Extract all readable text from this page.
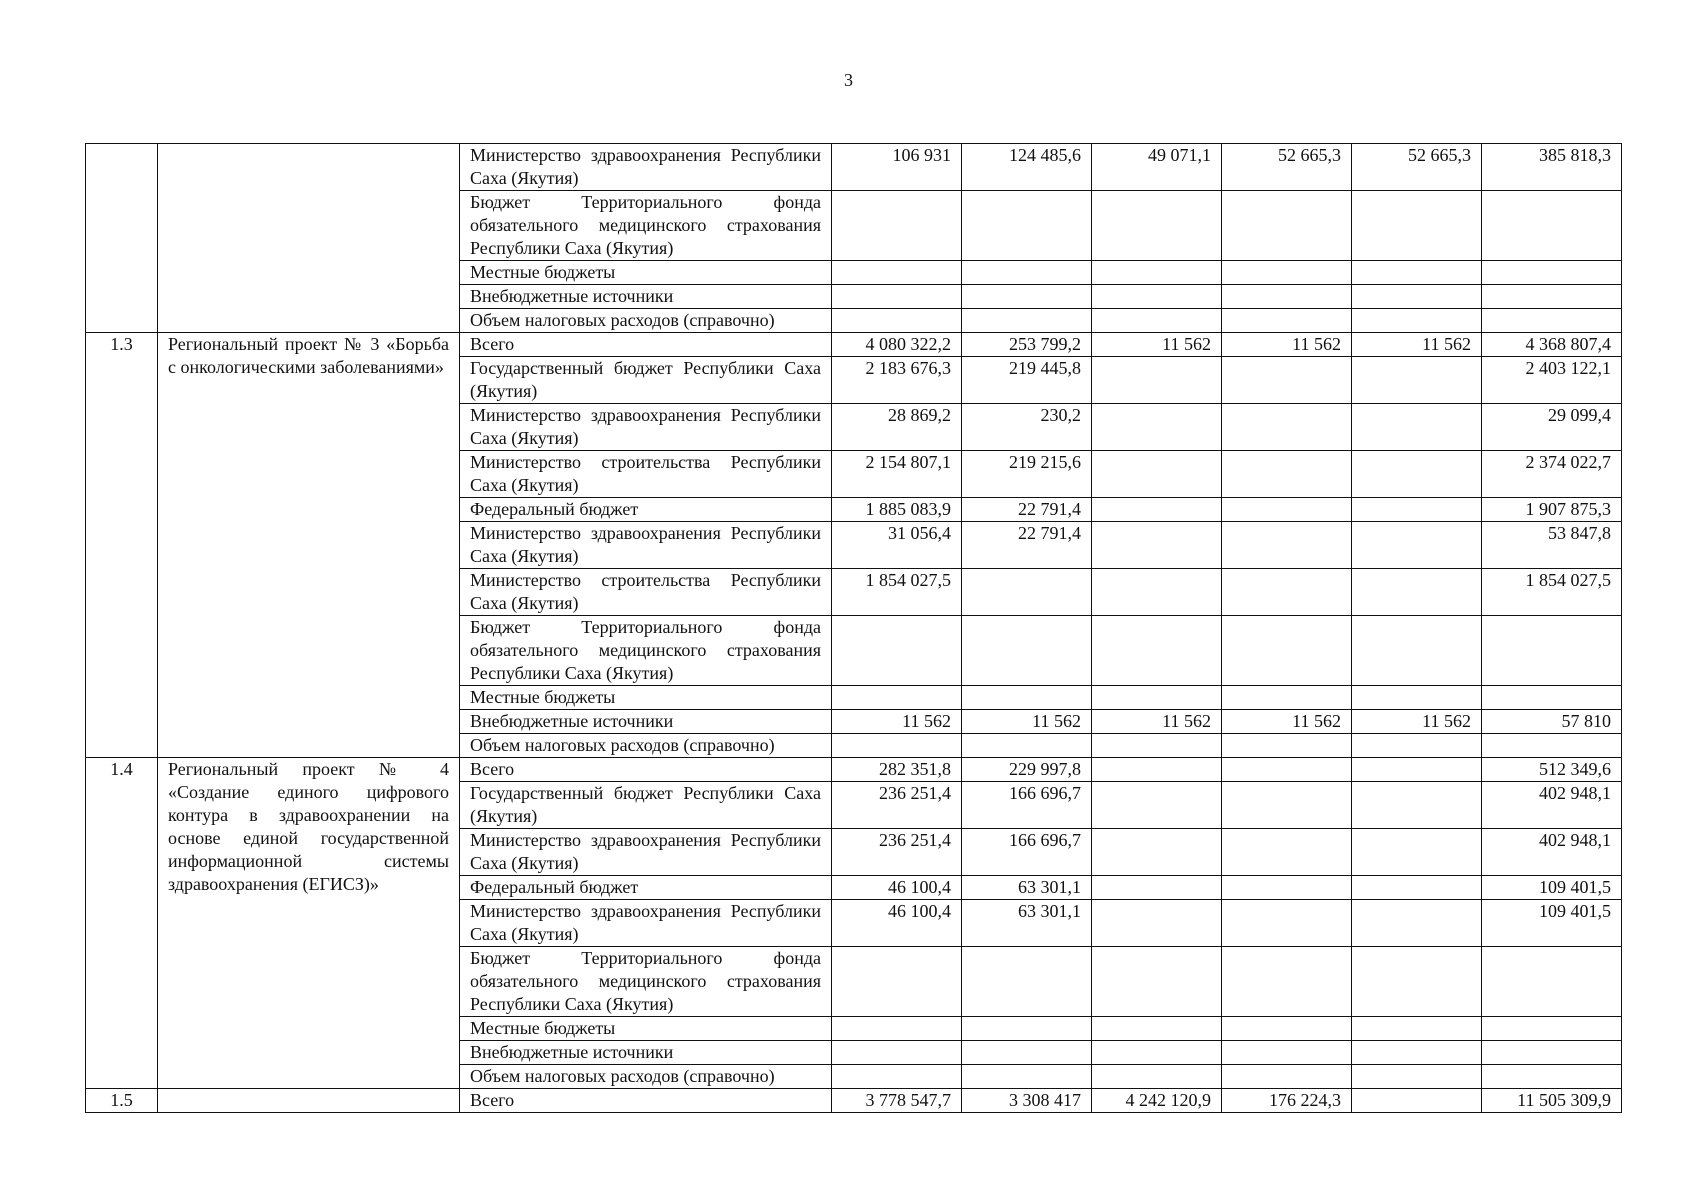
3
		Министерство здравоохранения Республики Саха (Якутия)	106 931	124 485,6	49 071,1	52 665,3	52 665,3	385 818,3
		Бюджет Территориального фонда обязательного медицинского страхования Республики Саха (Якутия)						
		Местные бюджеты						
		Внебюджетные источники						
		Объем налоговых расходов (справочно)						
1.3	Региональный проект № 3 «Борьба с онкологическими заболеваниями»	Всего	4 080 322,2	253 799,2	11 562	11 562	11 562	4 368 807,4
		Государственный бюджет Республики Саха (Якутия)	2 183 676,3	219 445,8				2 403 122,1
		Министерство здравоохранения Республики Саха (Якутия)	28 869,2	230,2				29 099,4
		Министерство строительства Республики Саха (Якутия)	2 154 807,1	219 215,6				2 374 022,7
		Федеральный бюджет	1 885 083,9	22 791,4				1 907 875,3
		Министерство здравоохранения Республики Саха (Якутия)	31 056,4	22 791,4				53 847,8
		Министерство строительства Республики Саха (Якутия)	1 854 027,5					1 854 027,5
		Бюджет Территориального фонда обязательного медицинского страхования Республики Саха (Якутия)						
		Местные бюджеты						
		Внебюджетные источники	11 562	11 562	11 562	11 562	11 562	57 810
		Объем налоговых расходов (справочно)						
1.4	Региональный проект № 4 «Создание единого цифрового контура в здравоохранении на основе единой государственной информационной системы здравоохранения (ЕГИСЗ)»	Всего	282 351,8	229 997,8				512 349,6
		Государственный бюджет Республики Саха (Якутия)	236 251,4	166 696,7				402 948,1
		Министерство здравоохранения Республики Саха (Якутия)	236 251,4	166 696,7				402 948,1
		Федеральный бюджет	46 100,4	63 301,1				109 401,5
		Министерство здравоохранения Республики Саха (Якутия)	46 100,4	63 301,1				109 401,5
		Бюджет Территориального фонда обязательного медицинского страхования Республики Саха (Якутия)						
		Местные бюджеты						
		Внебюджетные источники						
		Объем налоговых расходов (справочно)						
1.5		Всего	3 778 547,7	3 308 417	4 242 120,9	176 224,3		11 505 309,9
